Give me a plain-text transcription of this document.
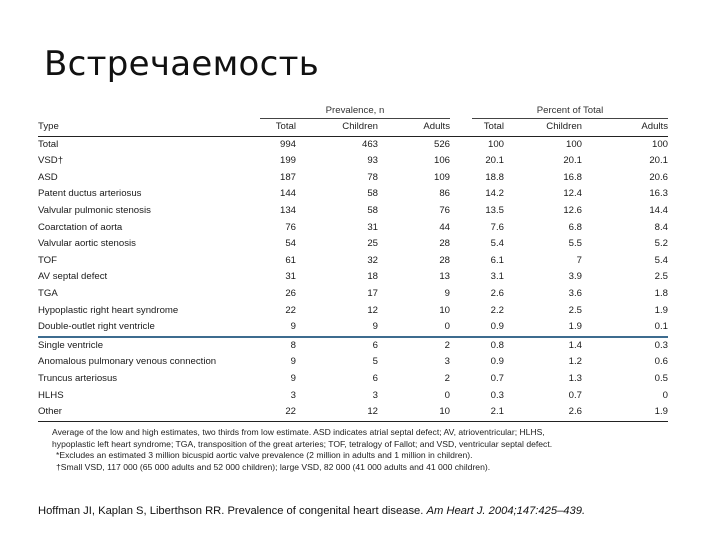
Встречаемость
	Prevalence, n				Percent of Total		
Type	Total	Children	Adults		Total	Children	Adults
Total	994	463	526		100	100	100
VSD†	199	93	106		20.1	20.1	20.1
ASD	187	78	109		18.8	16.8	20.6
Patent ductus arteriosus	144	58	86		14.2	12.4	16.3
Valvular pulmonic stenosis	134	58	76		13.5	12.6	14.4
Coarctation of aorta	76	31	44		7.6	6.8	8.4
Valvular aortic stenosis	54	25	28		5.4	5.5	5.2
TOF	61	32	28		6.1	7	5.4
AV septal defect	31	18	13		3.1	3.9	2.5
TGA	26	17	9		2.6	3.6	1.8
Hypoplastic right heart syndrome	22	12	10		2.2	2.5	1.9
Double-outlet right ventricle	9	9	0		0.9	1.9	0.1
Single ventricle	8	6	2		0.8	1.4	0.3
Anomalous pulmonary venous connection	9	5	3		0.9	1.2	0.6
Truncus arteriosus	9	6	2		0.7	1.3	0.5
HLHS	3	3	0		0.3	0.7	0
Other	22	12	10		2.1	2.6	1.9
Average of the low and high estimates, two thirds from low estimate. ASD indicates atrial septal defect; AV, atrioventricular; HLHS,
hypoplastic left heart syndrome; TGA, transposition of the great arteries; TOF, tetralogy of Fallot; and VSD, ventricular septal defect.
*Excludes an estimated 3 million bicuspid aortic valve prevalence (2 million in adults and 1 million in children).
†Small VSD, 117 000 (65 000 adults and 52 000 children); large VSD, 82 000 (41 000 adults and 41 000 children).
Hoffman JI, Kaplan S, Liberthson RR. Prevalence of congenital heart disease. Am Heart J. 2004;147:425–439.
